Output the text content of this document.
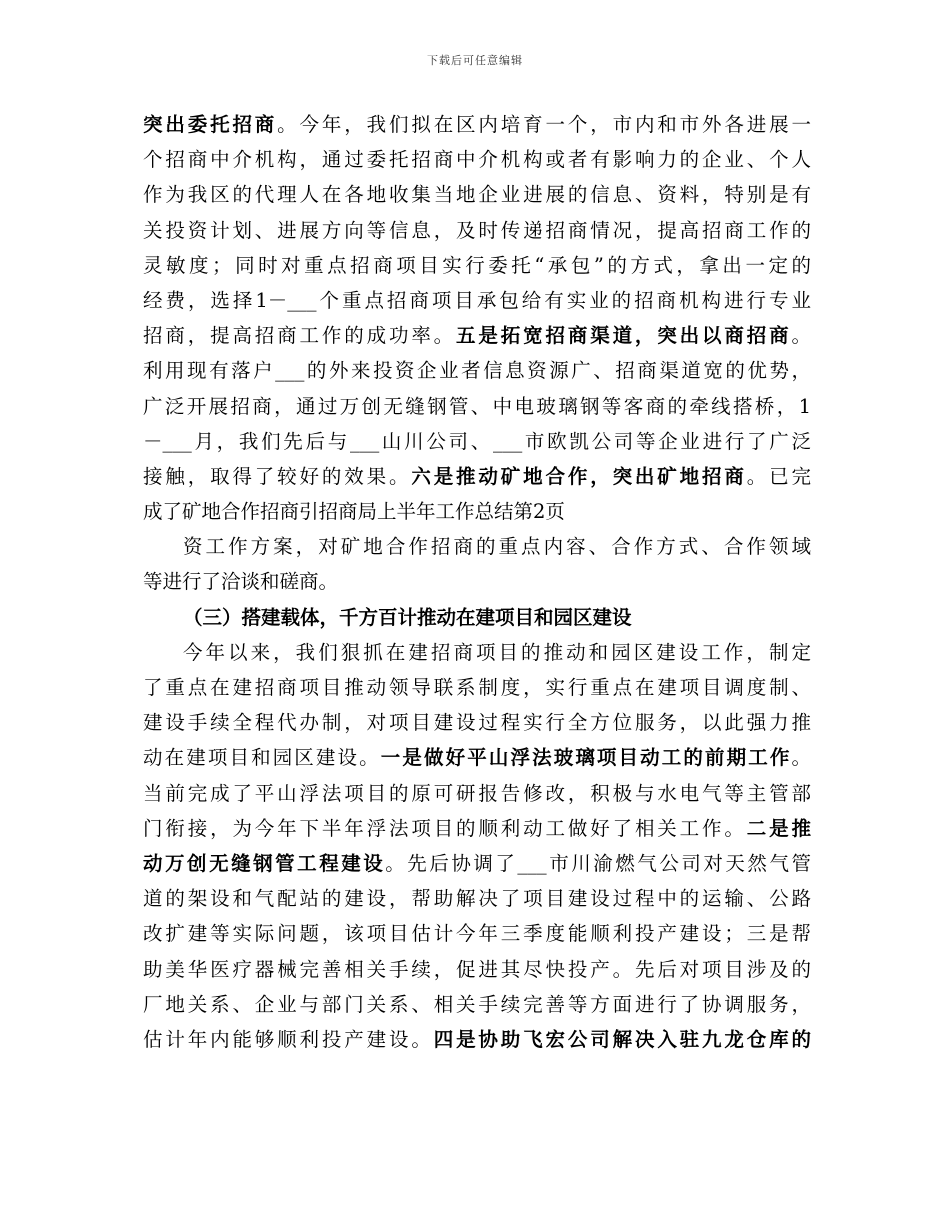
下载后可任意编辑
突出委托招商。今年，我们拟在区内培育一个，市内和市外各进展一
个招商中介机构，通过委托招商中介机构或者有影响力的企业、个人
作为我区的代理人在各地收集当地企业进展的信息、资料，特别是有
关投资计划、进展方向等信息，及时传递招商情况，提高招商工作的
灵敏度；同时对重点招商项目实行委托“承包”的方式，拿出一定的
经费，选择1－___个重点招商项目承包给有实业的招商机构进行专业
招商，提高招商工作的成功率。五是拓宽招商渠道，突出以商招商。
利用现有落户___的外来投资企业者信息资源广、招商渠道宽的优势，
广泛开展招商，通过万创无缝钢管、中电玻璃钢等客商的牵线搭桥，1
－___月，我们先后与___山川公司、___市欧凯公司等企业进行了广泛
接触，取得了较好的效果。六是推动矿地合作，突出矿地招商。已完
成了矿地合作招商引招商局上半年工作总结第2页
资工作方案，对矿地合作招商的重点内容、合作方式、合作领域
等进行了洽谈和磋商。
（三）搭建载体，千方百计推动在建项目和园区建设
今年以来，我们狠抓在建招商项目的推动和园区建设工作，制定
了重点在建招商项目推动领导联系制度，实行重点在建项目调度制、
建设手续全程代办制，对项目建设过程实行全方位服务，以此强力推
动在建项目和园区建设。一是做好平山浮法玻璃项目动工的前期工作。
当前完成了平山浮法项目的原可研报告修改，积极与水电气等主管部
门衔接，为今年下半年浮法项目的顺利动工做好了相关工作。二是推
动万创无缝钢管工程建设。先后协调了___市川渝燃气公司对天然气管
道的架设和气配站的建设，帮助解决了项目建设过程中的运输、公路
改扩建等实际问题，该项目估计今年三季度能顺利投产建设；三是帮
助美华医疗器械完善相关手续，促进其尽快投产。先后对项目涉及的
厂地关系、企业与部门关系、相关手续完善等方面进行了协调服务，
估计年内能够顺利投产建设。四是协助飞宏公司解决入驻九龙仓库的
